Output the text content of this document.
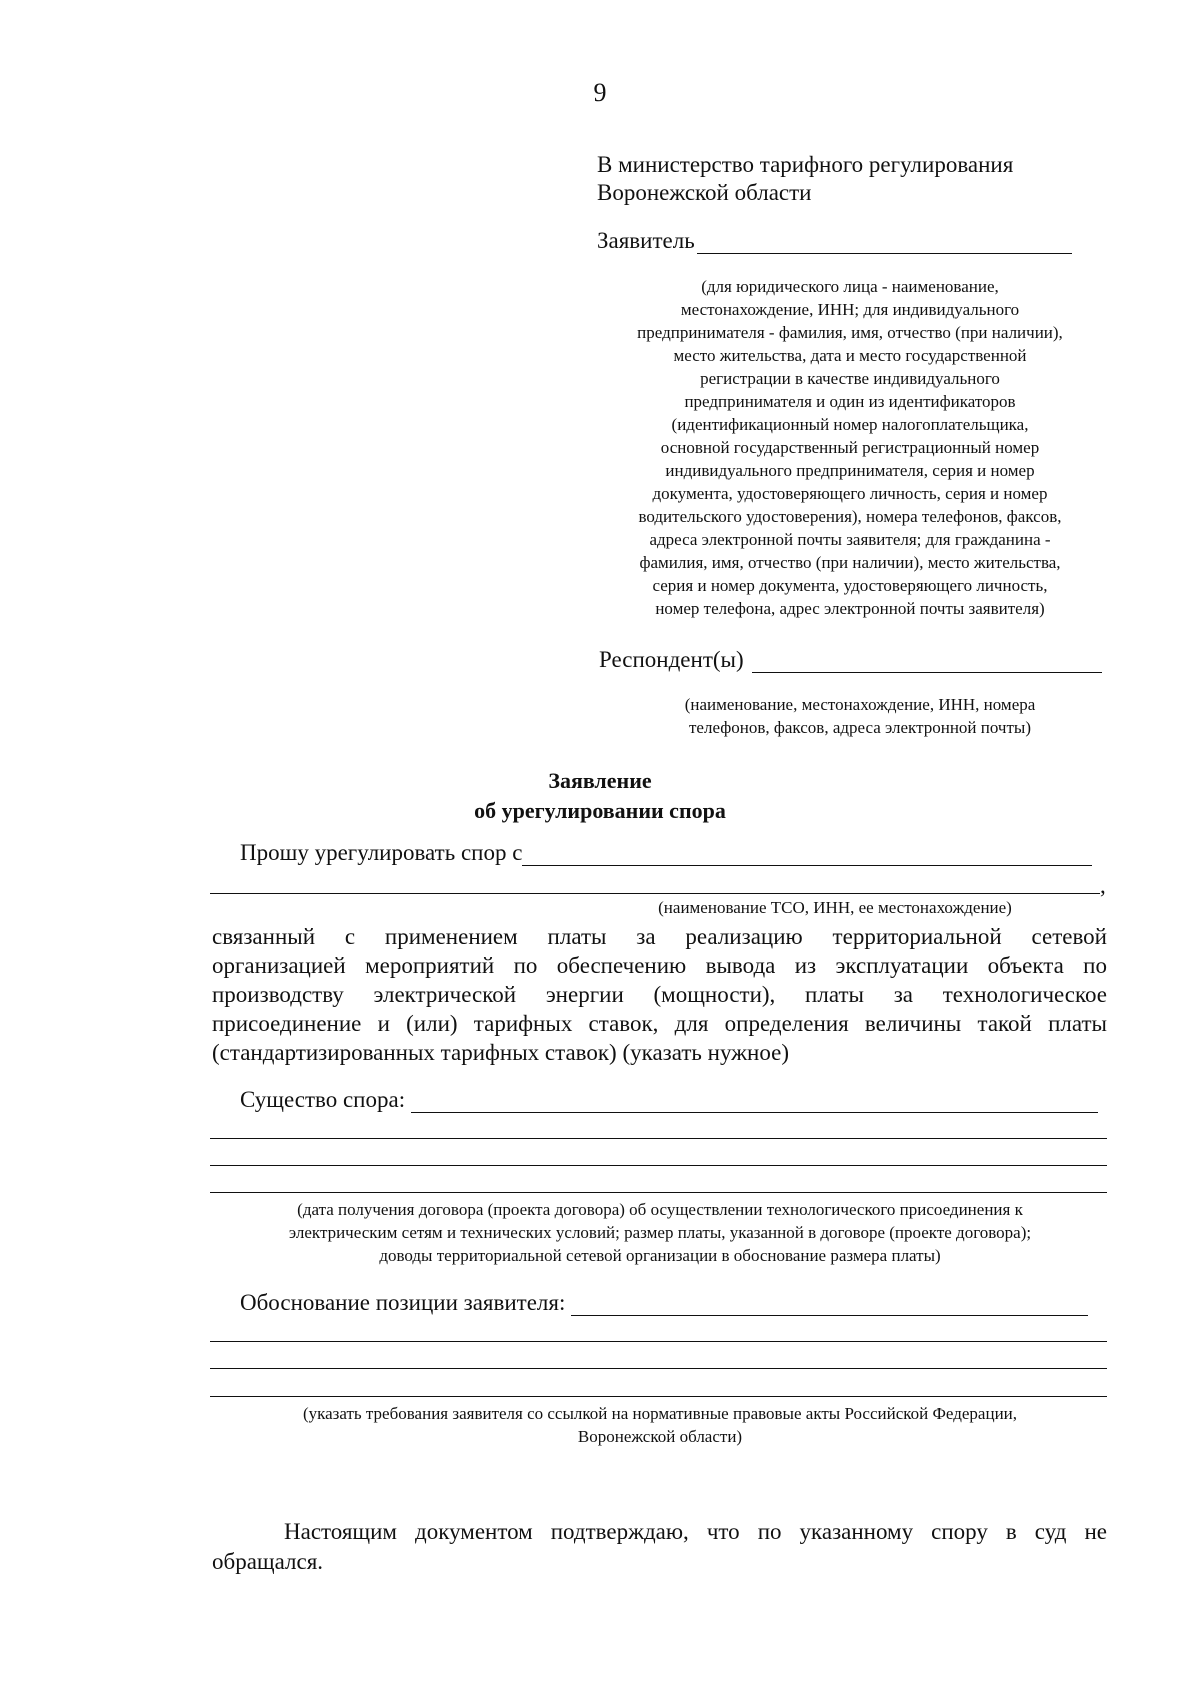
9
В министерство тарифного регулирования
Воронежской области
Заявитель
(для юридического лица - наименование,
местонахождение, ИНН; для индивидуального
предпринимателя - фамилия, имя, отчество (при наличии),
место жительства, дата и место государственной
регистрации в качестве индивидуального
предпринимателя и один из идентификаторов
(идентификационный номер налогоплательщика,
основной государственный регистрационный номер
индивидуального предпринимателя, серия и номер
документа, удостоверяющего личность, серия и номер
водительского удостоверения), номера телефонов, факсов,
адреса электронной почты заявителя; для гражданина -
фамилия, имя, отчество (при наличии), место жительства,
серия и номер документа, удостоверяющего личность,
номер телефона, адрес электронной почты заявителя)
Респондент(ы)
(наименование, местонахождение, ИНН, номера
телефонов, факсов, адреса электронной почты)
Заявление
об урегулировании спора
Прошу урегулировать спор с
,
(наименование ТСО, ИНН, ее местонахождение)
связанный с применением платы за реализацию территориальной сетевой
организацией мероприятий по обеспечению вывода из эксплуатации объекта по
производству электрической энергии (мощности), платы за технологическое
присоединение и (или) тарифных ставок, для определения величины такой платы
(стандартизированных тарифных ставок) (указать нужное)
Существо спора:
(дата получения договора (проекта договора) об осуществлении технологического присоединения к
электрическим сетям и технических условий; размер платы, указанной в договоре (проекте договора);
доводы территориальной сетевой организации в обоснование размера платы)
Обоснование позиции заявителя:
(указать требования заявителя со ссылкой на нормативные правовые акты Российской Федерации,
Воронежской области)
Настоящим документом подтверждаю, что по указанному спору в суд не
обращался.
